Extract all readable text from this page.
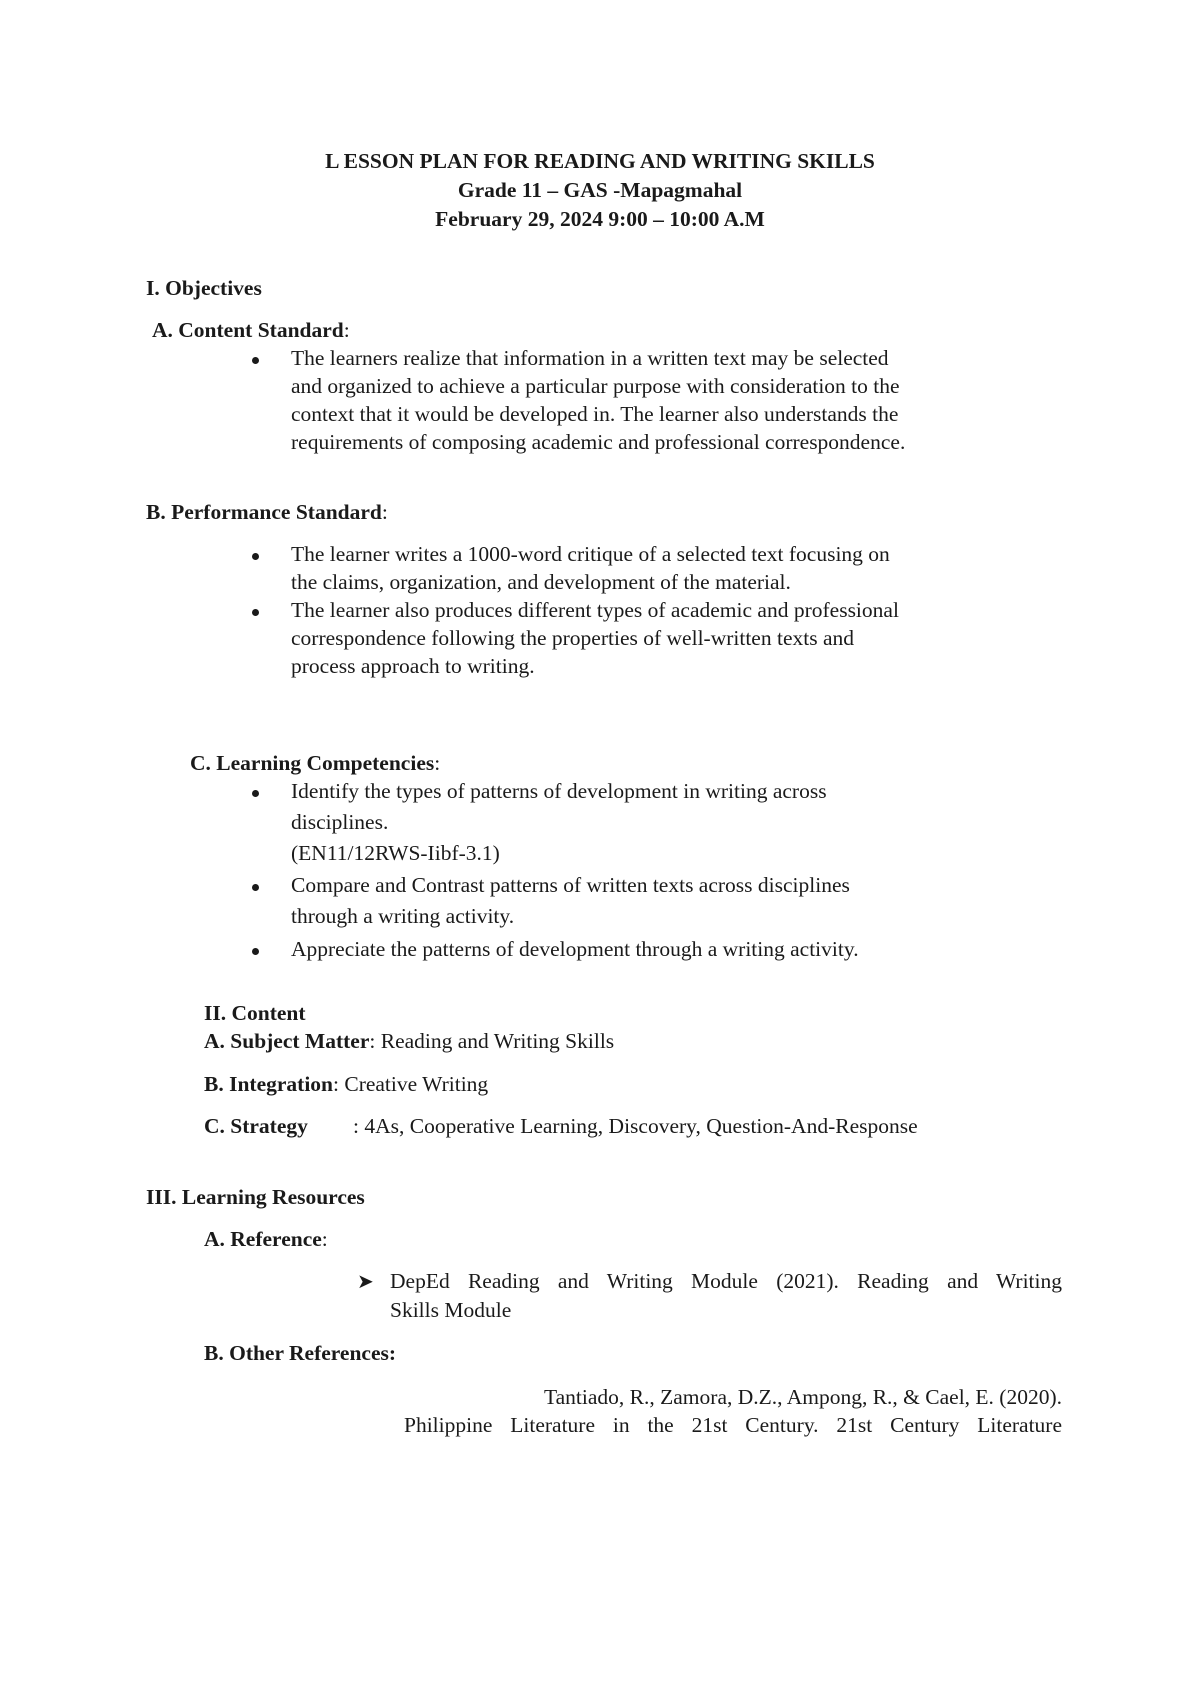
L ESSON PLAN FOR READING AND WRITING SKILLS

Grade 11 – GAS -Mapagmahal

February 29, 2024 9:00 – 10:00 A.M

I. Objectives

A. Content Standard:

The learners realize that information in a written text may be selected

and organized to achieve a particular purpose with consideration to the

context that it would be developed in. The learner also understands the

requirements of composing academic and professional correspondence.

B. Performance Standard:

The learner writes a 1000-word critique of a selected text focusing on

the claims, organization, and development of the material.

The learner also produces different types of academic and professional

correspondence following the properties of well-written texts and

process approach to writing.

C. Learning Competencies:

Identify the types of patterns of development in writing across

disciplines.

(EN11/12RWS-Iibf-3.1)

Compare and Contrast patterns of written texts across disciplines

through a writing activity.

Appreciate the patterns of development through a writing activity.

II. Content

A. Subject Matter: Reading and Writing Skills

B. Integration: Creative Writing

C. Strategy : 4As, Cooperative Learning, Discovery, Question-And-Response

III. Learning Resources

A. Reference:

➤ DepEd Reading and Writing Module (2021). Reading and Writing

Skills Module

B. Other References:

Tantiado, R., Zamora, D.Z., Ampong, R., & Cael, E. (2020).

Philippine Literature in the 21st Century. 21st Century Literature
